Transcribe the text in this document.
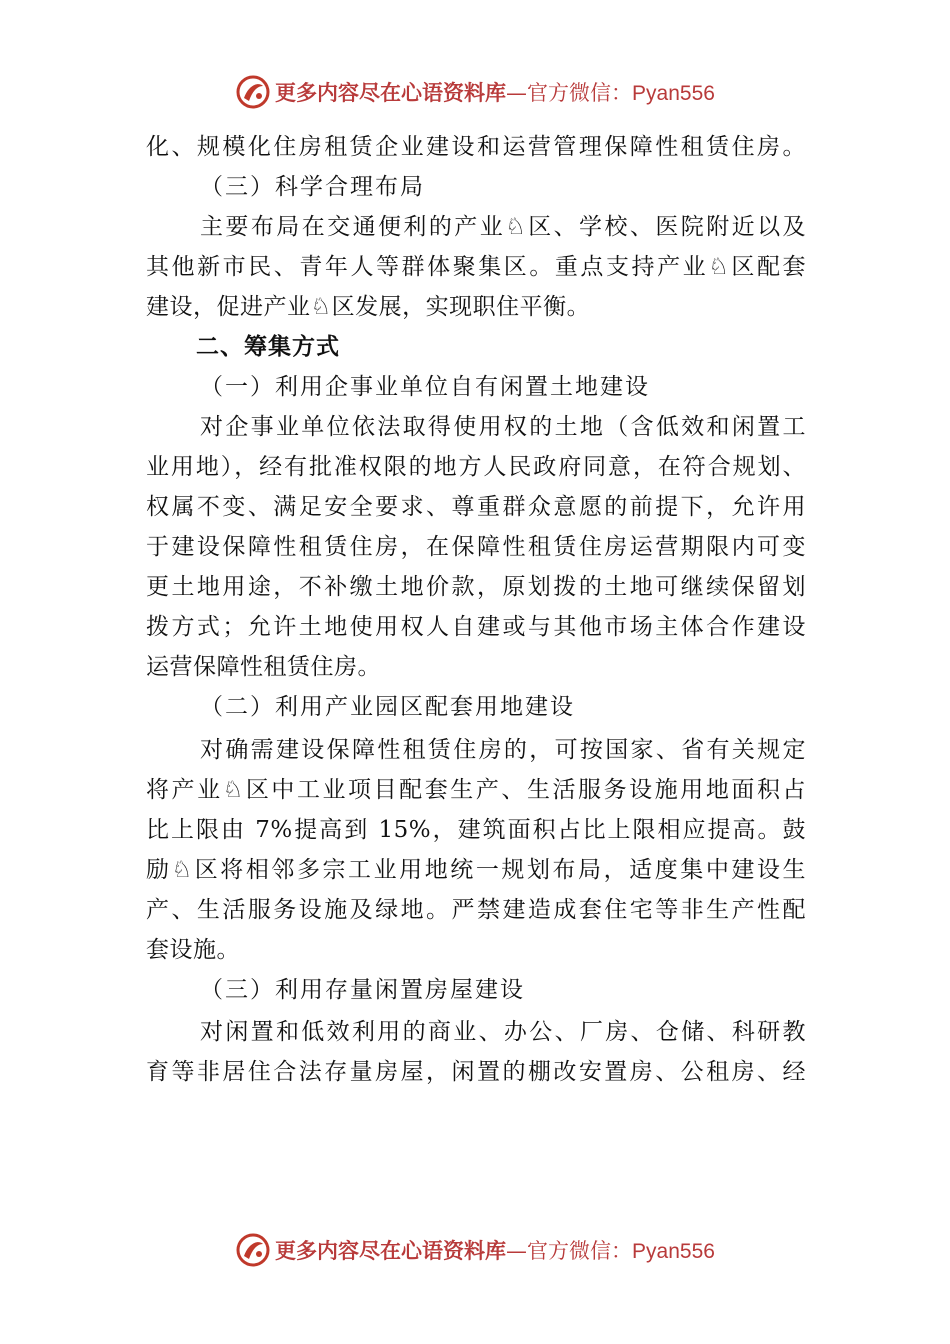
更多内容尽在心语资料库—官方微信：Pyan556
化、规模化住房租赁企业建设和运营管理保障性租赁住房。
（三）科学合理布局
主要布局在交通便利的产业♘区、学校、医院附近以及
其他新市民、青年人等群体聚集区。重点支持产业♘区配套
建设，促进产业♘区发展，实现职住平衡。
二、筹集方式
（一）利用企事业单位自有闲置土地建设
对企事业单位依法取得使用权的土地（含低效和闲置工
业用地），经有批准权限的地方人民政府同意，在符合规划、
权属不变、满足安全要求、尊重群众意愿的前提下，允许用
于建设保障性租赁住房，在保障性租赁住房运营期限内可变
更土地用途，不补缴土地价款，原划拨的土地可继续保留划
拨方式；允许土地使用权人自建或与其他市场主体合作建设
运营保障性租赁住房。
（二）利用产业园区配套用地建设
对确需建设保障性租赁住房的，可按国家、省有关规定
将产业♘区中工业项目配套生产、生活服务设施用地面积占
比上限由 7%提高到 15%，建筑面积占比上限相应提高。鼓
励♘区将相邻多宗工业用地统一规划布局，适度集中建设生
产、生活服务设施及绿地。严禁建造成套住宅等非生产性配
套设施。
（三）利用存量闲置房屋建设
对闲置和低效利用的商业、办公、厂房、仓储、科研教
育等非居住合法存量房屋，闲置的棚改安置房、公租房、经
更多内容尽在心语资料库—官方微信：Pyan556
